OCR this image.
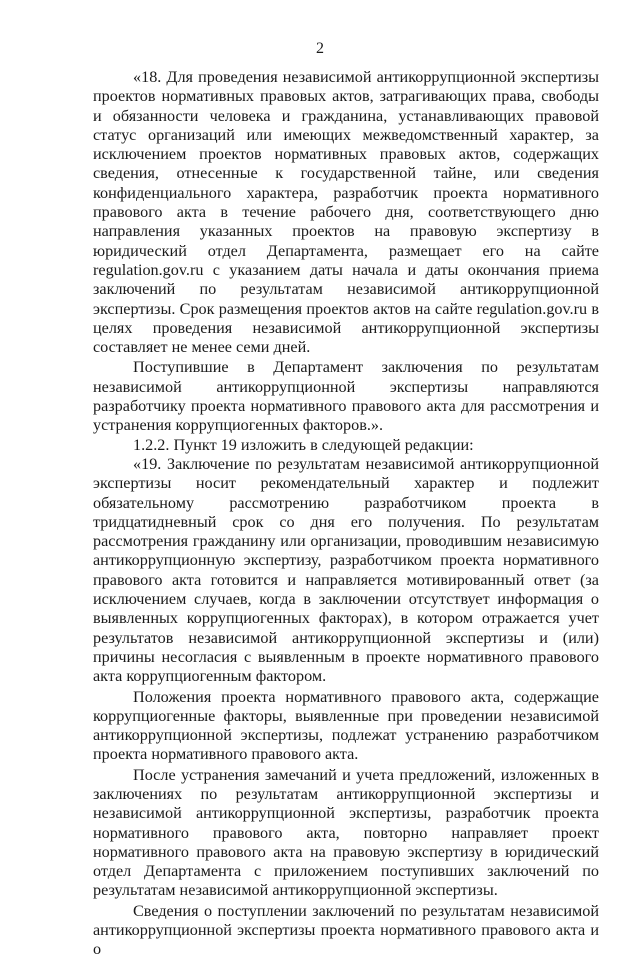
2

«18. Для проведения независимой антикоррупционной экспертизы проектов нормативных правовых актов, затрагивающих права, свободы и обязанности человека и гражданина, устанавливающих правовой статус организаций или имеющих межведомственный характер, за исключением проектов нормативных правовых актов, содержащих сведения, отнесенные к государственной тайне, или сведения конфиденциального характера, разработчик проекта нормативного правового акта в течение рабочего дня, соответствующего дню направления указанных проектов на правовую экспертизу в юридический отдел Департамента, размещает его на сайте regulation.gov.ru с указанием даты начала и даты окончания приема заключений по результатам независимой антикоррупционной экспертизы. Срок размещения проектов актов на сайте regulation.gov.ru в целях проведения независимой антикоррупционной экспертизы составляет не менее семи дней.

Поступившие в Департамент заключения по результатам независимой антикоррупционной экспертизы направляются разработчику проекта нормативного правового акта для рассмотрения и устранения коррупциогенных факторов.».

1.2.2. Пункт 19 изложить в следующей редакции:

«19. Заключение по результатам независимой антикоррупционной экспертизы носит рекомендательный характер и подлежит обязательному рассмотрению разработчиком проекта в тридцатидневный срок со дня его получения. По результатам рассмотрения гражданину или организации, проводившим независимую антикоррупционную экспертизу, разработчиком проекта нормативного правового акта готовится и направляется мотивированный ответ (за исключением случаев, когда в заключении отсутствует информация о выявленных коррупциогенных факторах), в котором отражается учет результатов независимой антикоррупционной экспертизы и (или) причины несогласия с выявленным в проекте нормативного правового акта коррупциогенным фактором.

Положения проекта нормативного правового акта, содержащие коррупциогенные факторы, выявленные при проведении независимой антикоррупционной экспертизы, подлежат устранению разработчиком проекта нормативного правового акта.

После устранения замечаний и учета предложений, изложенных в заключениях по результатам антикоррупционной экспертизы и независимой антикоррупционной экспертизы, разработчик проекта нормативного правового акта, повторно направляет проект нормативного правового акта на правовую экспертизу в юридический отдел Департамента с приложением поступивших заключений по результатам независимой антикоррупционной экспертизы.

Сведения о поступлении заключений по результатам независимой антикоррупционной экспертизы проекта нормативного правового акта и о
